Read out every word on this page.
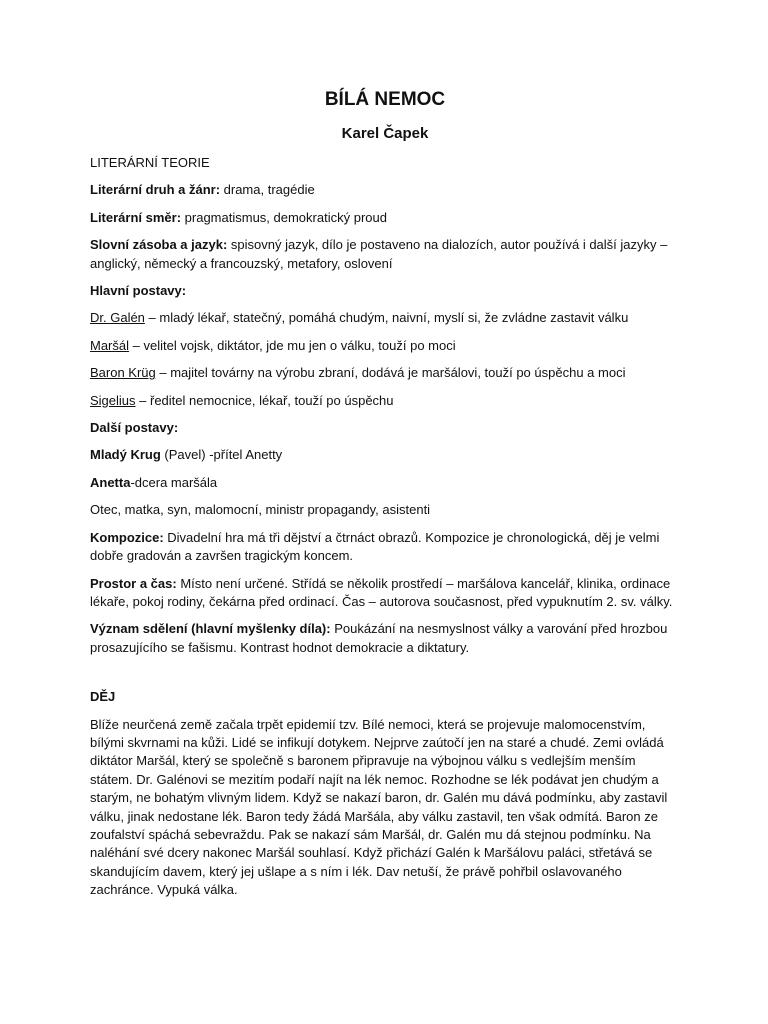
BÍLÁ NEMOC
Karel Čapek
LITERÁRNÍ TEORIE
Literární druh a žánr: drama, tragédie
Literární směr: pragmatismus, demokratický proud
Slovní zásoba a jazyk: spisovný jazyk, dílo je postaveno na dialozích, autor používá i další jazyky – anglický, německý a francouzský, metafory, oslovení
Hlavní postavy:
Dr. Galén – mladý lékař, statečný, pomáhá chudým, naivní, myslí si, že zvládne zastavit válku
Maršál – velitel vojsk, diktátor, jde mu jen o válku, touží po moci
Baron Krüg – majitel továrny na výrobu zbraní, dodává je maršálovi, touží po úspěchu a moci
Sigelius – ředitel nemocnice, lékař, touží po úspěchu
Další postavy:
Mladý Krug (Pavel) -přítel Anetty
Anetta-dcera maršála
Otec, matka, syn, malomocní, ministr propagandy, asistenti
Kompozice: Divadelní hra má tři dějství a čtrnáct obrazů. Kompozice je chronologická, děj je velmi dobře gradován a završen tragickým koncem.
Prostor a čas: Místo není určené. Střídá se několik prostředí – maršálova kancelář, klinika, ordinace lékaře, pokoj rodiny, čekárna před ordinací. Čas – autorova současnost, před vypuknutím 2. sv. války.
Význam sdělení (hlavní myšlenky díla): Poukázání na nesmyslnost války a varování před hrozbou prosazujícího se fašismu. Kontrast hodnot demokracie a diktatury.
DĚJ
Blíže neurčená země začala trpět epidemií tzv. Bílé nemoci, která se projevuje malomocenstvím, bílými skvrnami na kůži. Lidé se infikují dotykem. Nejprve zaútočí jen na staré a chudé. Zemi ovládá diktátor Maršál, který se společně s baronem připravuje na výbojnou válku s vedlejším menším státem. Dr. Galénovi se mezitím podaří najít na lék nemoc. Rozhodne se lék podávat jen chudým a starým, ne bohatým vlivným lidem. Když se nakazí baron, dr. Galén mu dává podmínku, aby zastavil válku, jinak nedostane lék. Baron tedy žádá Maršála, aby válku zastavil, ten však odmítá. Baron ze zoufalství spáchá sebevraždu. Pak se nakazí sám Maršál, dr. Galén mu dá stejnou podmínku. Na naléhání své dcery nakonec Maršál souhlasí. Když přichází Galén k Maršálovu paláci, střetává se skandujícím davem, který jej ušlape a s ním i lék. Dav netuší, že právě pohřbil oslavovaného zachránce. Vypuká válka.
